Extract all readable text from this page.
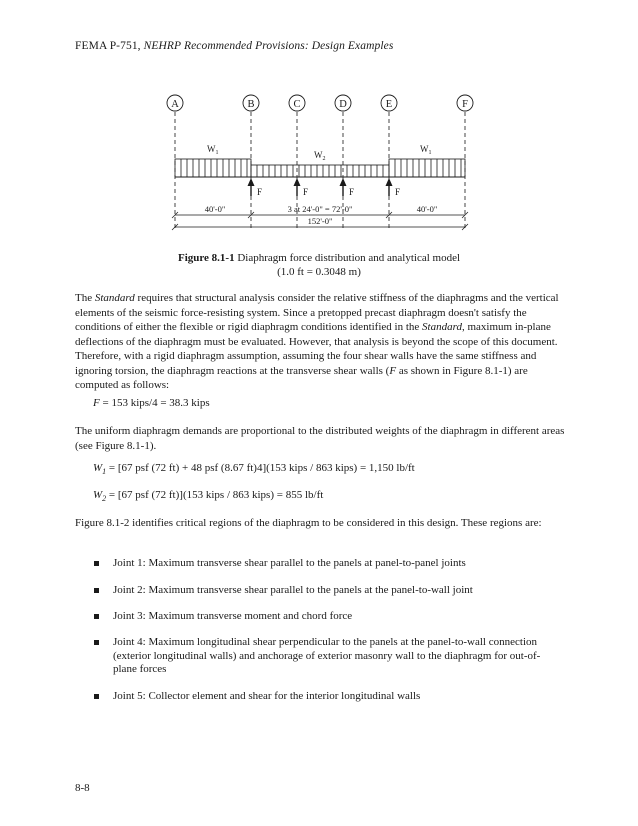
FEMA P-751, NEHRP Recommended Provisions: Design Examples
A	B	C	D	E	F
$W_1$	$W_2$
$W_1$
F	F	F	F
40'-0"	3 at 24'-0" = 72'-0"	40'-0"
152'-0"
Figure 8.1-1 Diaphragm force distribution and analytical model
(1.0 ft = 0.3048 m)
The Standard requires that structural analysis consider the relative stiffness of the diaphragms and the vertical elements of the seismic force-resisting system. Since a pretopped precast diaphragm doesn't satisfy the conditions of either the flexible or rigid diaphragm conditions identified in the Standard, maximum in-plane deflections of the diaphragm must be evaluated. However, that analysis is beyond the scope of this document. Therefore, with a rigid diaphragm assumption, assuming the four shear walls have the same stiffness and ignoring torsion, the diaphragm reactions at the transverse shear walls (F as shown in Figure 8.1-1) are computed as follows:
F = 153 kips/4 = 38.3 kips
The uniform diaphragm demands are proportional to the distributed weights of the diaphragm in different areas (see Figure 8.1-1).
$W_1 = [67$ psf (72 ft) + 48 psf (8.67 ft)4](153 kips / 863 kips) = 1,150 lb/ft
$W_2 = [67$ psf (72 ft)](153 kips / 863 kips) = 855 lb/ft
Figure 8.1-2 identifies critical regions of the diaphragm to be considered in this design. These regions are:
Joint 1: Maximum transverse shear parallel to the panels at panel-to-panel joints
Joint 2: Maximum transverse shear parallel to the panels at the panel-to-wall joint
Joint 3: Maximum transverse moment and chord force
Joint 4: Maximum longitudinal shear perpendicular to the panels at the panel-to-wall connection (exterior longitudinal walls) and anchorage of exterior masonry wall to the diaphragm for out-of-plane forces
Joint 5: Collector element and shear for the interior longitudinal walls
8-8
